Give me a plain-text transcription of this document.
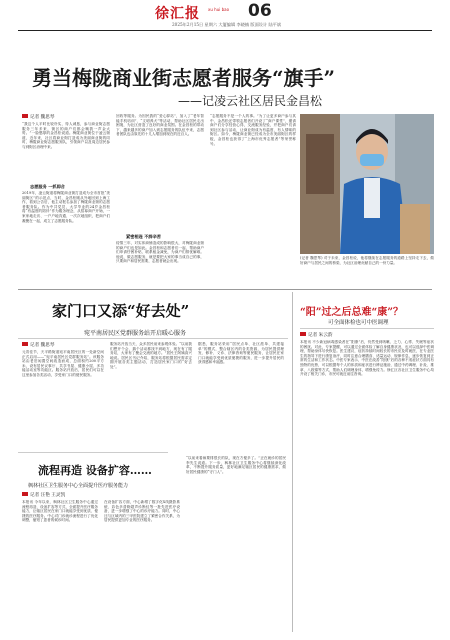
徐汇报	xu hui bao 06
2025年2月15日 星期六 大厦编辑 李晓楠 版面设计 陆平斌
勇当梅陇商业街志愿者服务“旗手”
——记凌云社区居民金昌松
记者 魏思琴
“我这个人平时比较朴实，待人诚恳，参与商业街志愿服务三年多来，街区的商户们都会喊我一声金大哥。”一脸憨厚的金昌松说道。梅陇商业街位于凌云街道，近年来，社区将商业街打造成为美丽商业街的同时，梅陇商业街志愿服务队，引领商户以及周边居民参与到街区治理中来。
志愿服务 一抓即合
2019年，凌云街道将梅陇商业街打造成为全市首批“美丽街区”的示范点，当时，金昌松刚从外地回到上海工作，看到公告后，他主动报名参加了梅陇商业街的志愿者服务队。作为中共党员，大学毕业的24岁金昌松将“有温度的陪伴”作为服务理念，从招募商户开始，一家家地走访、一户户地沟通、一次次地组织，把商户们凝聚在一起，成立了志愿服务队。
回收等服务。为因民我的“爱心驿站”，加入了“老年智能手机培训”、“文明养犬”等活动，帮助社区居民走出困境，为社区营造了良好的商业氛围。在金昌松的带动下，越来越多的商户加入到志愿服务的队伍中来，志愿者团队也由原先的十几人增加到现在的近百人。
紧密相连 不辞辛苦
疫情三年，对实体商铺造成的影响很大，对梅陇商业街的商户们也是如此。金昌松和志愿者们一起，帮助商户们申请纾困补贴、联系租金减免，为商户们排忧解难。他说，做志愿服务，就是要把大家的事当成自己的事，只要商户和居民需要，志愿者就会出现。
“志愿服务不是一个人的事。”为了让更多商户参与其中，金昌松还带领志愿者们开设了“商户课堂”，邀请商户们分享经营心得，交流服务经验，并把商户们请到社区参与活动，让商业街成为有温度、有人情味的街区。如今，梅陇商业街已经成为全市美丽街区的样板，金昌松也获得了“上海市优秀志愿者”等荣誉称号。
(记者 魏思琴) 对于未来，金昌松说，他将继续在志愿服务的道路上坚持走下去，做好商户与居民之间的桥梁，为社区治理贡献自己的一份力量。
家门口又添“好去处”
宛平南居民区党群服务站开启暖心服务
记者 魏思琴
元宵佳节，天平路街道宛平南居民区的一处新空间正式启用——“宛平南居民区党群服务站”。该服务站由老旧闲置空间改造而成，总面积约200平方米，设有居民议事厅、共享书屋、健康小屋、多功能活动室等功能区。服务站开放后，居民们可以在这里参加各类活动，享受家门口的便民服务。
服务站开放当天，众多居民前来参观体验。“以前我们想开个会、搞个活动都找不到地方，现在有了服务站，大家有了聚会交流的地方。”居民王阿姨高兴地说。居民区书记介绍，服务站将根据居民需求定期开展各类主题活动，打造居民家门口的“好去处”。
据悉，服务站采用“居民点单、社区派单、共建接单”的模式，整合辖区内的各类资源，为居民提供理发、修补、义诊、法律咨询等便民服务，让居民在家门口就能享受到优质便捷的服务，进一步提升居民的获得感和幸福感。
流程再造 设备扩容……
枫林社区卫生服务中心全面提升医疗服务能力
记者 汪艳 王灵凯
本报讯 今年以来，枫林社区卫生服务中心通过流程再造、设备扩容等方式，全面提升医疗服务能力，让辖区居民在家门口就能享受到优质、便捷的医疗服务。中心对门诊就诊流程进行了优化调整，缩短了患者的候诊时间。
在设备扩容方面，中心新增了数字化X线摄影系统、彩色多普勒超声诊断仪等一批先进医疗设备，进一步增强了中心的诊疗能力。同时，中心还与区域内的三甲医院建立了紧密合作关系，为居民提供更加专业的医疗服务。
“以前来看病要排很长的队，现在方便多了。”正在就诊的居民李先生说道。下一步，枫林社区卫生服务中心将继续深化改革，不断提升服务质量，更好地满足辖区居民的健康需求，做好居民健康的“守门人”。
“阳”过之后总难“康”？
可全面体检也可中医调理
记者 朱云韵
本报讯 不少新冠病毒感染者在“阳康”后，仍然受到咳嗽、乏力、心悸、失眠等症状的困扰。对此，专家提醒，可以通过全面体检了解自身健康状况，也可以选择中医调理，帮助身体尽快恢复。医生建议，症状持续时间较长的市民应及时就医，在专业医生的指导下进行康复治疗，同时注意合理膳食、适量运动、规律作息，逐步恢复到正常的生活和工作状态。中医专家表示，中医在改善“阳康”后的各种不适症状方面具有独特的优势，可以根据每个人的体质和症状进行辨证施治，通过中药调理、针灸、推拿、八段锦等方式，帮助人们调理身体，增强免疫力。徐汇区各社区卫生服务中心均开设了相关门诊，市民可就近前往咨询。
